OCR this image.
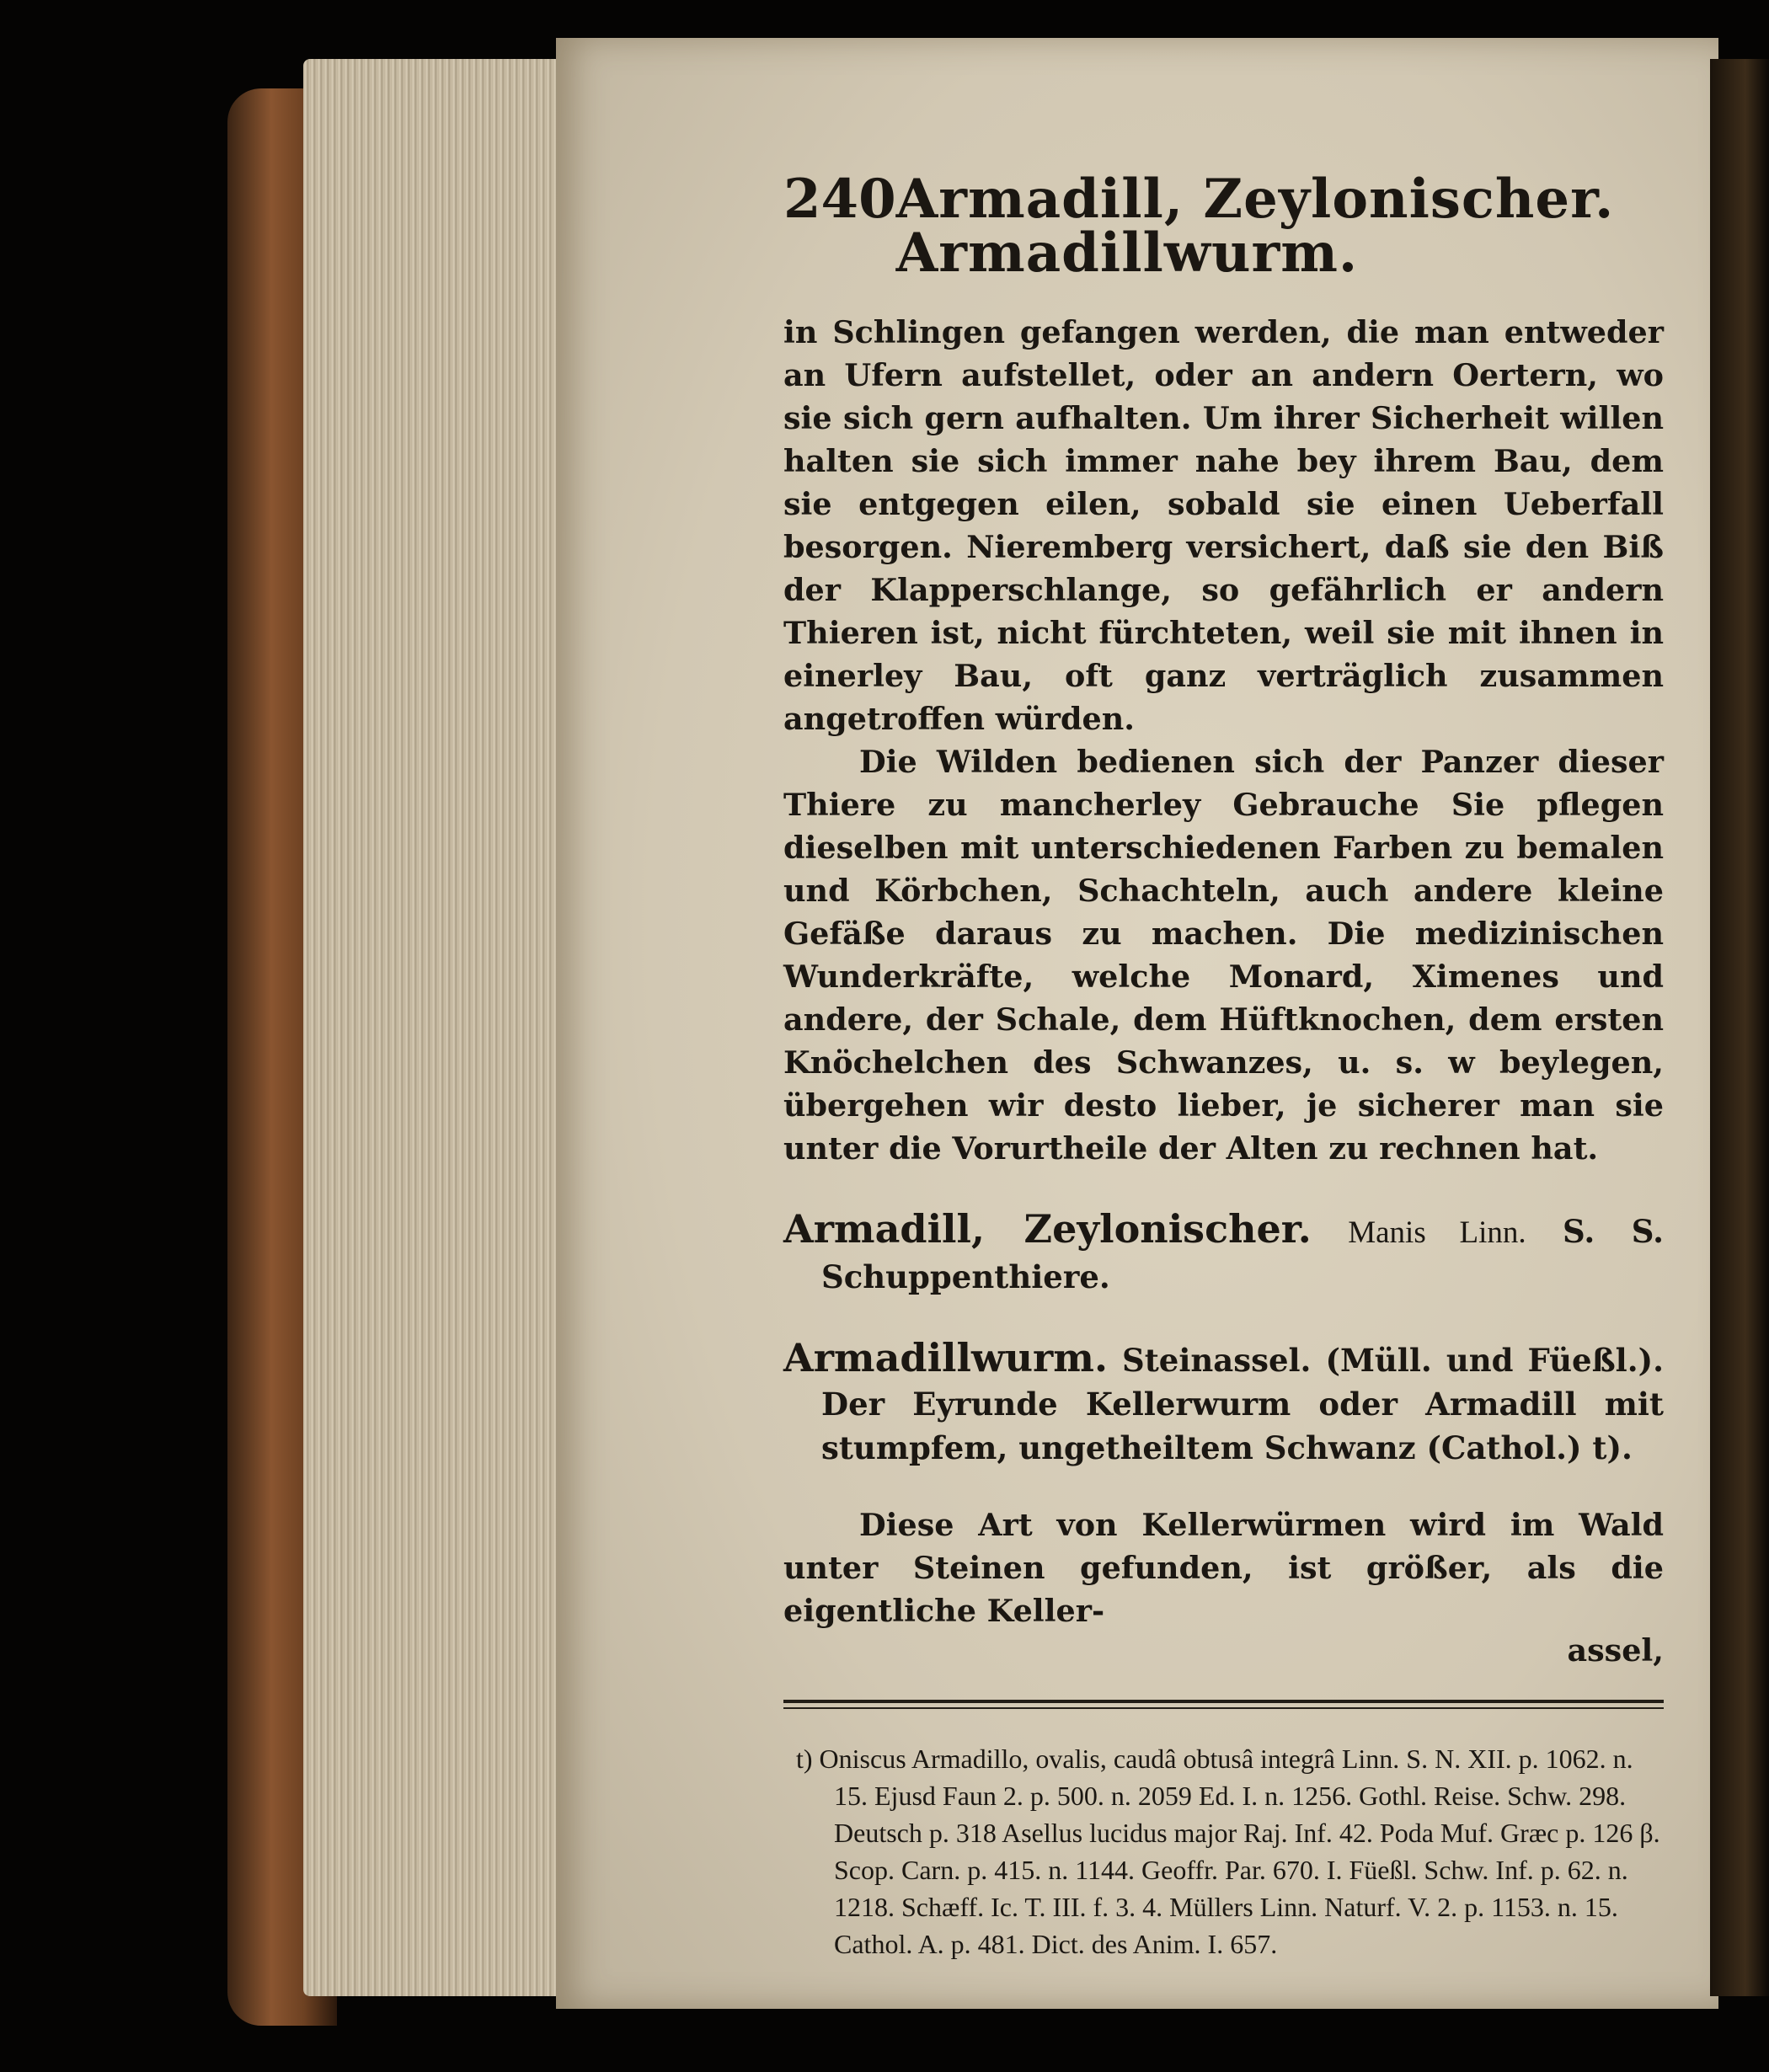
240 Armadill, Zeylonischer. Armadillwurm.

in Schlingen gefangen werden, die man entweder an Ufern aufstellet, oder an andern Oertern, wo sie sich gern aufhalten. Um ihrer Sicherheit willen halten sie sich immer nahe bey ihrem Bau, dem sie entgegen eilen, sobald sie einen Ueberfall besorgen. Nieremberg versichert, daß sie den Biß der Klapperschlange, so gefährlich er andern Thieren ist, nicht fürchteten, weil sie mit ihnen in einerley Bau, oft ganz verträglich zusammen angetroffen würden.

Die Wilden bedienen sich der Panzer dieser Thiere zu mancherley Gebrauche Sie pflegen dieselben mit unterschiedenen Farben zu bemalen und Körbchen, Schachteln, auch andere kleine Gefäße daraus zu machen. Die medizinischen Wunderkräfte, welche Monard, Ximenes und andere, der Schale, dem Hüftknochen, dem ersten Knöchelchen des Schwanzes, u. s. w beylegen, übergehen wir desto lieber, je sicherer man sie unter die Vorurtheile der Alten zu rechnen hat.

Armadill, Zeylonischer. Manis Linn. S. S. Schuppenthiere.
Armadillwurm. Steinassel. (Müll. und Füeßl.). Der Eyrunde Kellerwurm oder Armadill mit stumpfem, ungetheiltem Schwanz (Cathol.) t).

Diese Art von Kellerwürmen wird im Wald unter Steinen gefunden, ist größer, als die eigentliche Keller-

assel,
t) Oniscus Armadillo, ovalis, caudâ obtusâ integrâ Linn. S. N. XII. p. 1062. n. 15. Ejusd Faun 2. p. 500. n. 2059 Ed. I. n. 1256. Gothl. Reise. Schw. 298. Deutsch p. 318 Asellus lucidus major Raj. Inf. 42. Poda Muf. Græc p. 126 β. Scop. Carn. p. 415. n. 1144. Geoffr. Par. 670. I. Füeßl. Schw. Inf. p. 62. n. 1218. Schæff. Ic. T. III. f. 3. 4. Müllers Linn. Naturf. V. 2. p. 1153. n. 15. Cathol. A. p. 481. Dict. des Anim. I. 657.
